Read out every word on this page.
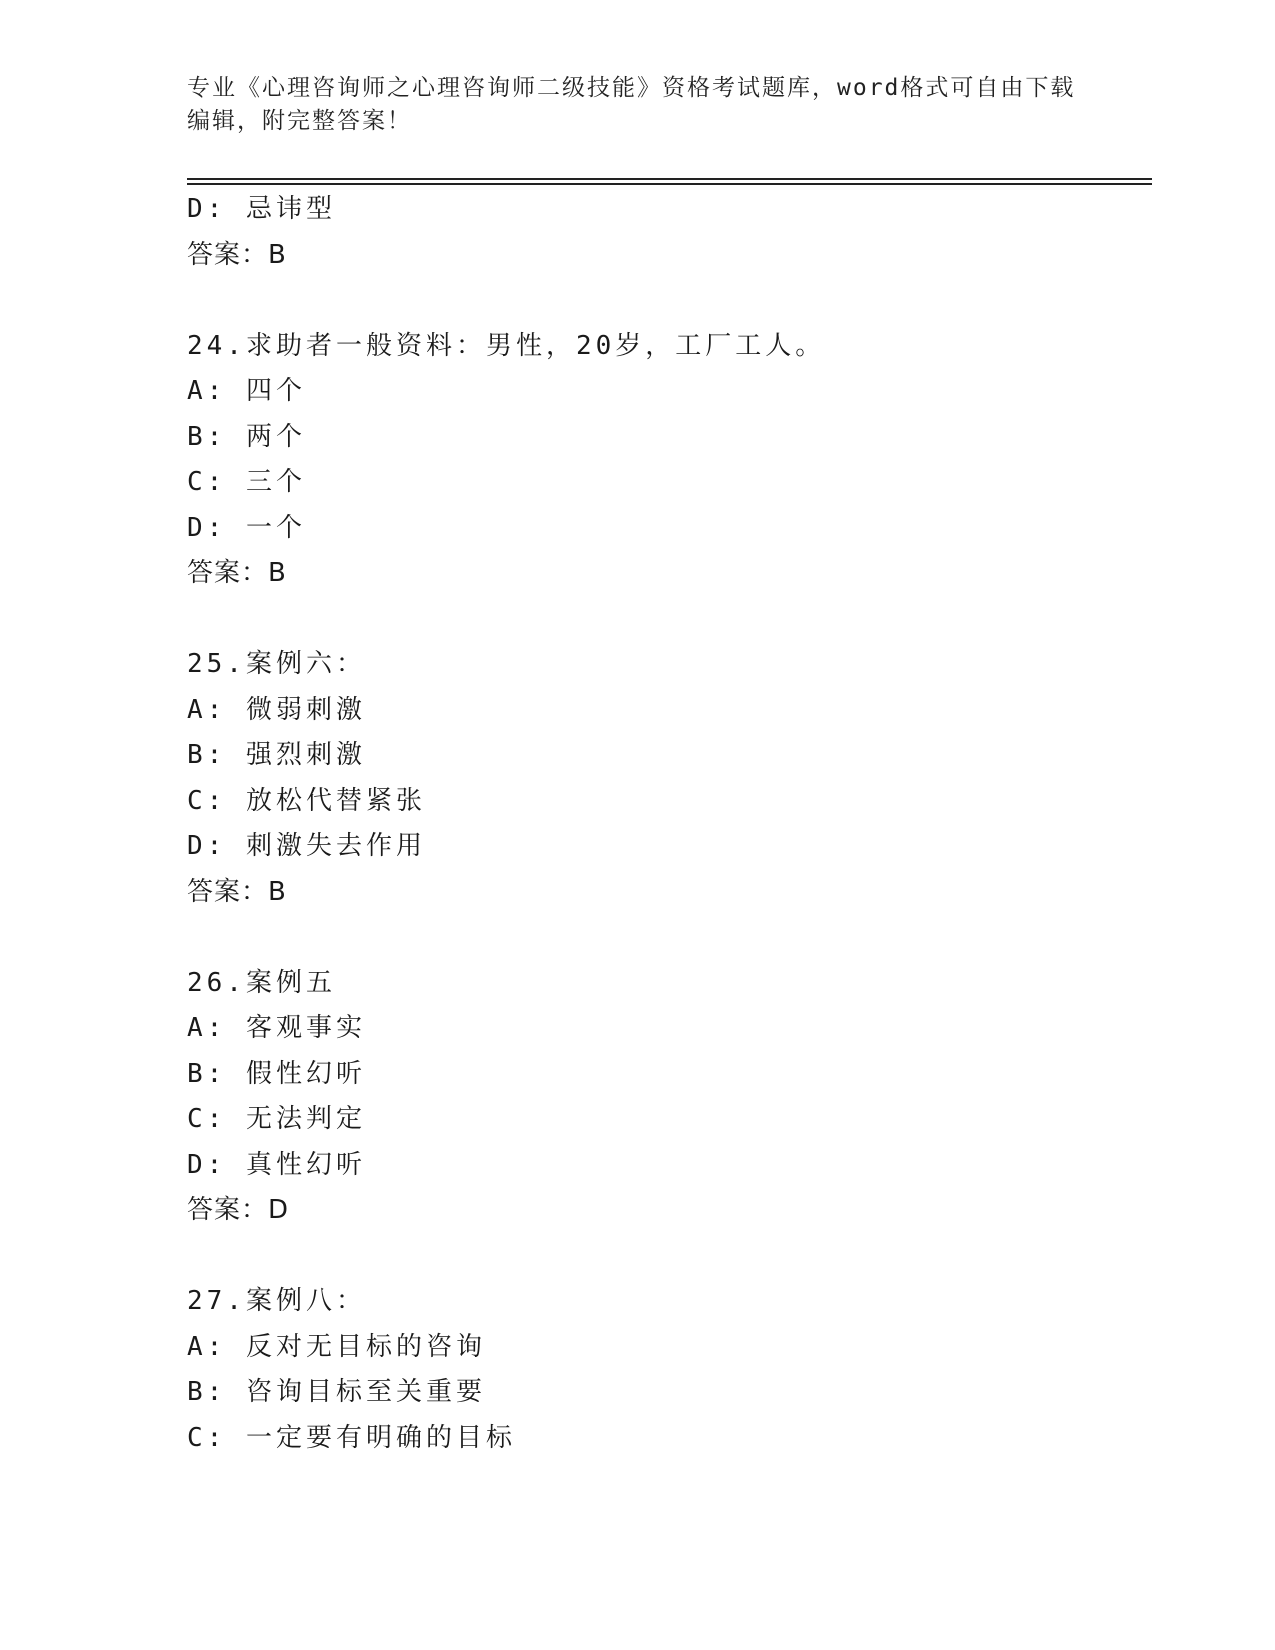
专业《心理咨询师之心理咨询师二级技能》资格考试题库，word格式可自由下载
编辑，附完整答案！
D: 忌讳型
答案：B
24.求助者一般资料：男性，20岁，工厂工人。
A: 四个
B: 两个
C: 三个
D: 一个
答案：B
25.案例六：
A: 微弱刺激
B: 强烈刺激
C: 放松代替紧张
D: 刺激失去作用
答案：B
26.案例五
A: 客观事实
B: 假性幻听
C: 无法判定
D: 真性幻听
答案：D
27.案例八：
A: 反对无目标的咨询
B: 咨询目标至关重要
C: 一定要有明确的目标
